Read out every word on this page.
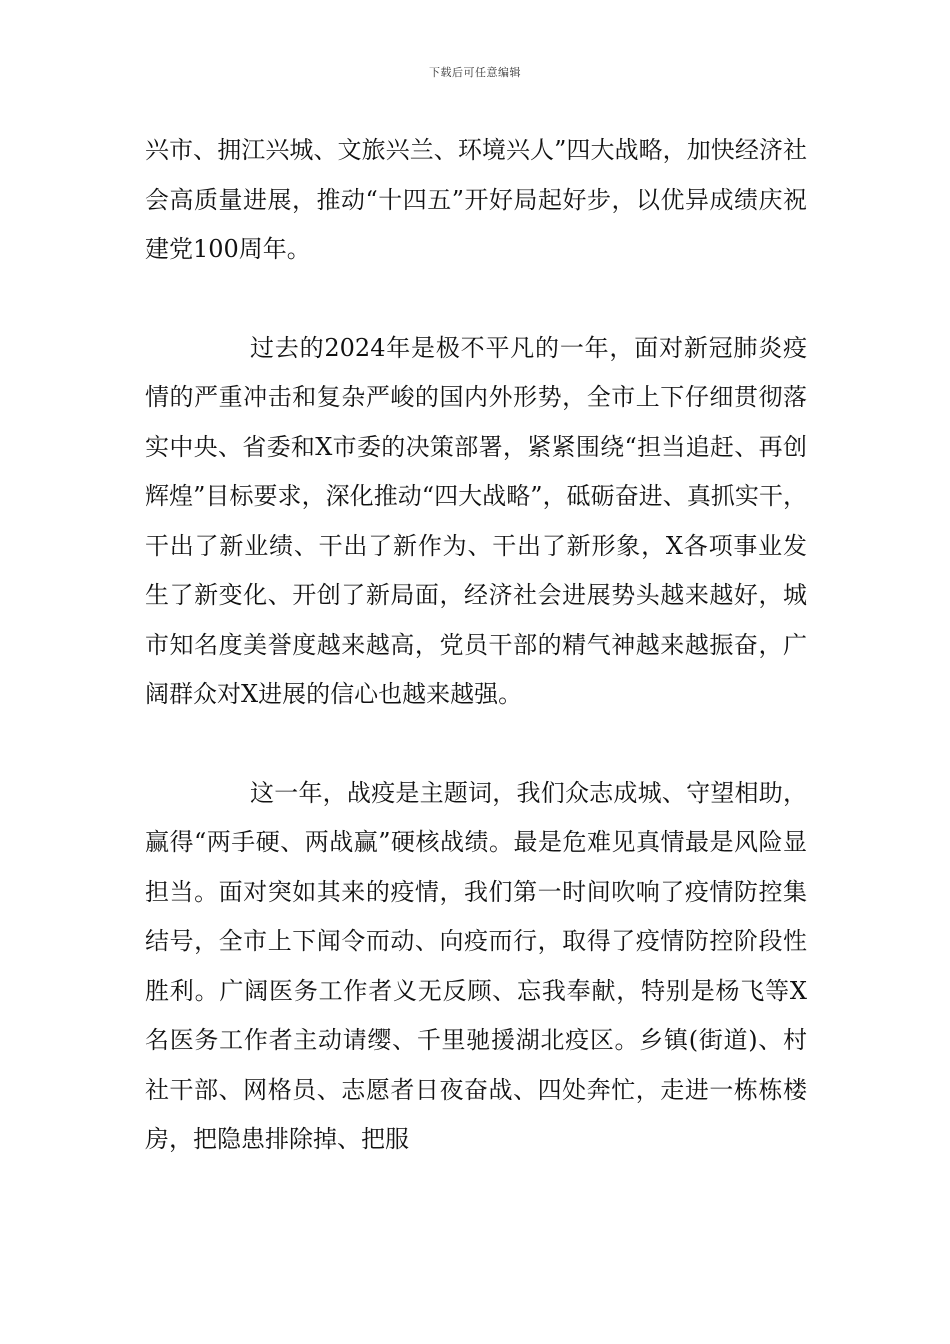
下载后可任意编辑

兴市、拥江兴城、文旅兴兰、环境兴人”四大战略，加快经济社会高质量进展，推动“十四五”开好局起好步，以优异成绩庆祝建党100周年。

过去的2024年是极不平凡的一年，面对新冠肺炎疫情的严重冲击和复杂严峻的国内外形势，全市上下仔细贯彻落实中央、省委和X市委的决策部署，紧紧围绕“担当追赶、再创辉煌”目标要求，深化推动“四大战略”，砥砺奋进、真抓实干，干出了新业绩、干出了新作为、干出了新形象，X各项事业发生了新变化、开创了新局面，经济社会进展势头越来越好，城市知名度美誉度越来越高，党员干部的精气神越来越振奋，广阔群众对X进展的信心也越来越强。

这一年，战疫是主题词，我们众志成城、守望相助，赢得“两手硬、两战赢”硬核战绩。最是危难见真情最是风险显担当。面对突如其来的疫情，我们第一时间吹响了疫情防控集结号，全市上下闻令而动、向疫而行，取得了疫情防控阶段性胜利。广阔医务工作者义无反顾、忘我奉献，特别是杨飞等X名医务工作者主动请缨、千里驰援湖北疫区。乡镇(街道)、村社干部、网格员、志愿者日夜奋战、四处奔忙，走进一栋栋楼房，把隐患排除掉、把服
